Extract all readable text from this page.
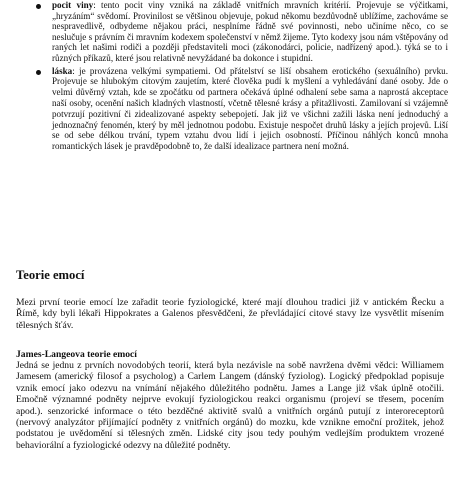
pocit viny: tento pocit viny vzniká na základě vnitřních mravních kritérií. Projevuje se výčitkami, „hryzáním“ svědomí. Provinilost se většinou objevuje, pokud někomu bezdůvodně ublížíme, zachováme se nespravedlivě, odbydeme nějakou práci, nesplníme řádně své povinnosti, nebo učiníme něco, co se neslučuje s právním či mravním kodexem společenství v němž žijeme. Tyto kodexy jsou nám vštěpovány od raných let našimi rodiči a později představiteli moci (zákonodárci, policie, nadřízený apod.). týká se to i různých příkazů, které jsou relativně nevyžádané ba dokonce i stupidní.

láska: je provázena velkými sympatiemi. Od přátelství se liší obsahem erotického (sexuálního) prvku. Projevuje se hlubokým citovým zaujetím, které člověka pudí k myšlení a vyhledávání dané osoby. Jde o velmi důvěrný vztah, kde se zpočátku od partnera očekává úplné odhalení sebe sama a naprostá akceptace naší osoby, ocenění našich kladných vlastností, včetně tělesné krásy a přitažlivosti. Zamilovaní si vzájemně potvrzují pozitivní či zidealizované aspekty sebepojetí. Jak již ve všichni zažili láska není jednoduchý a jednoznačný fenomén, který by měl jednotnou podobu. Existuje nespočet druhů lásky a jejích projevů. Liší se od sebe délkou trvání, typem vztahu dvou lidí i jejich osobností. Příčinou náhlých konců mnoha romantických lásek je pravděpodobně to, že další idealizace partnera není možná.

Teorie emocí

Mezi první teorie emocí lze zařadit teorie fyziologické, které mají dlouhou tradici již v antickém Řecku a Římě, kdy byli lékaři Hippokrates a Galenos přesvědčeni, že převládající citové stavy lze vysvětlit mísením tělesných šťáv.

James-Langeova teorie emocí

Jedná se jednu z prvních novodobých teorií, která byla nezávisle na sobě navržena dvěmi vědci: Williamem Jamesem (americký filosof a psycholog) a Carlem Langem (dánský fyziolog). Logický předpoklad popisuje vznik emocí jako odezvu na vnímání nějakého důležitého podnětu. James a Lange již však úplně otočili. Emočně významné podněty nejprve evokují fyziologickou reakci organismu (projeví se třesem, pocením apod.). senzorické informace o této bezděčné aktivitě svalů a vnitřních orgánů putují z interoreceptorů (nervový analyzátor přijímající podněty z vnitřních orgánů) do mozku, kde vznikne emoční prožitek, jehož podstatou je uvědomění si tělesných změn. Lidské city jsou tedy pouhým vedlejším produktem vrozené behaviorální a fyziologické odezvy na důležité podněty.
